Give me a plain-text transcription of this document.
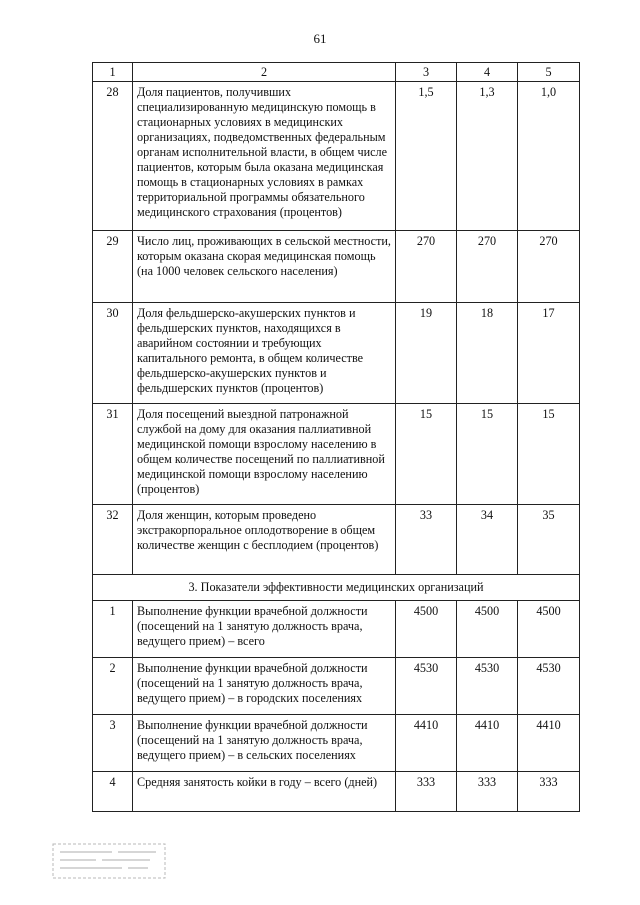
61
1	2	3	4	5
28	Доля пациентов, получивших специализированную медицинскую помощь в стационарных условиях в медицинских организациях, подведомственных федеральным органам исполнительной власти, в общем числе пациентов, которым была оказана медицинская помощь в стационарных условиях в рамках территориальной программы обязательного медицинского страхования (процентов)	1,5	1,3	1,0
29	Число лиц, проживающих в сельской местности, которым оказана скорая медицинская помощь (на 1000 человек сельского населения)	270	270	270
30	Доля фельдшерско-акушерских пунктов и фельдшерских пунктов, находящихся в аварийном состоянии и требующих капитального ремонта, в общем количестве фельдшерско-акушерских пунктов и фельдшерских пунктов (процентов)	19	18	17
31	Доля посещений выездной патронажной службой на дому для оказания паллиативной медицинской помощи взрослому населению в общем количестве посещений по паллиативной медицинской помощи взрослому населению (процентов)	15	15	15
32	Доля женщин, которым проведено экстракорпоральное оплодотворение в общем количестве женщин с бесплодием (процентов)	33	34	35
3. Показатели эффективности медицинских организаций				
1	Выполнение функции врачебной должности (посещений на 1 занятую должность врача, ведущего прием) – всего	4500	4500	4500
2	Выполнение функции врачебной должности (посещений на 1 занятую должность врача, ведущего прием) – в городских поселениях	4530	4530	4530
3	Выполнение функции врачебной должности (посещений на 1 занятую должность врача, ведущего прием) – в сельских поселениях	4410	4410	4410
4	Средняя занятость койки в году – всего (дней)	333	333	333
